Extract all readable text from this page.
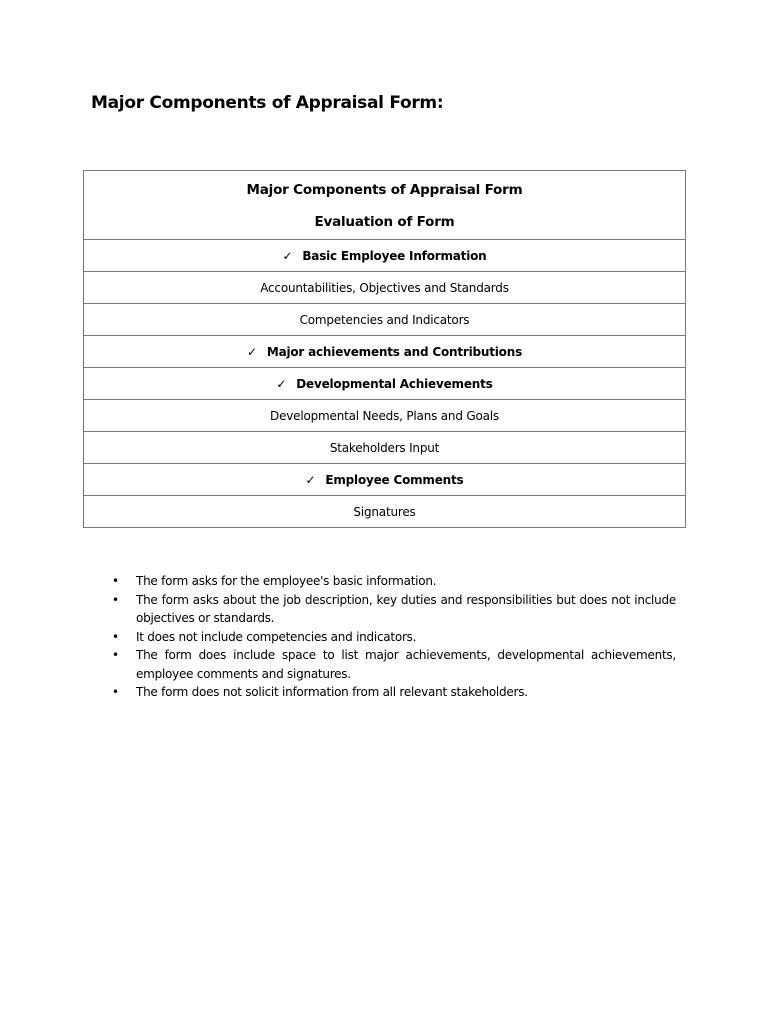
Major Components of Appraisal Form:
Major Components of Appraisal Form
Evaluation of Form

✓ Basic Employee Information
Accountabilities, Objectives and Standards
Competencies and Indicators
✓ Major achievements and Contributions
✓ Developmental Achievements
Developmental Needs, Plans and Goals
Stakeholders Input
✓ Employee Comments
Signatures
• The form asks for the employee's basic information.
• The form asks about the job description, key duties and responsibilities but does not include objectives or standards.
• It does not include competencies and indicators.
• The form does include space to list major achievements, developmental achievements, employee comments and signatures.
• The form does not solicit information from all relevant stakeholders.
